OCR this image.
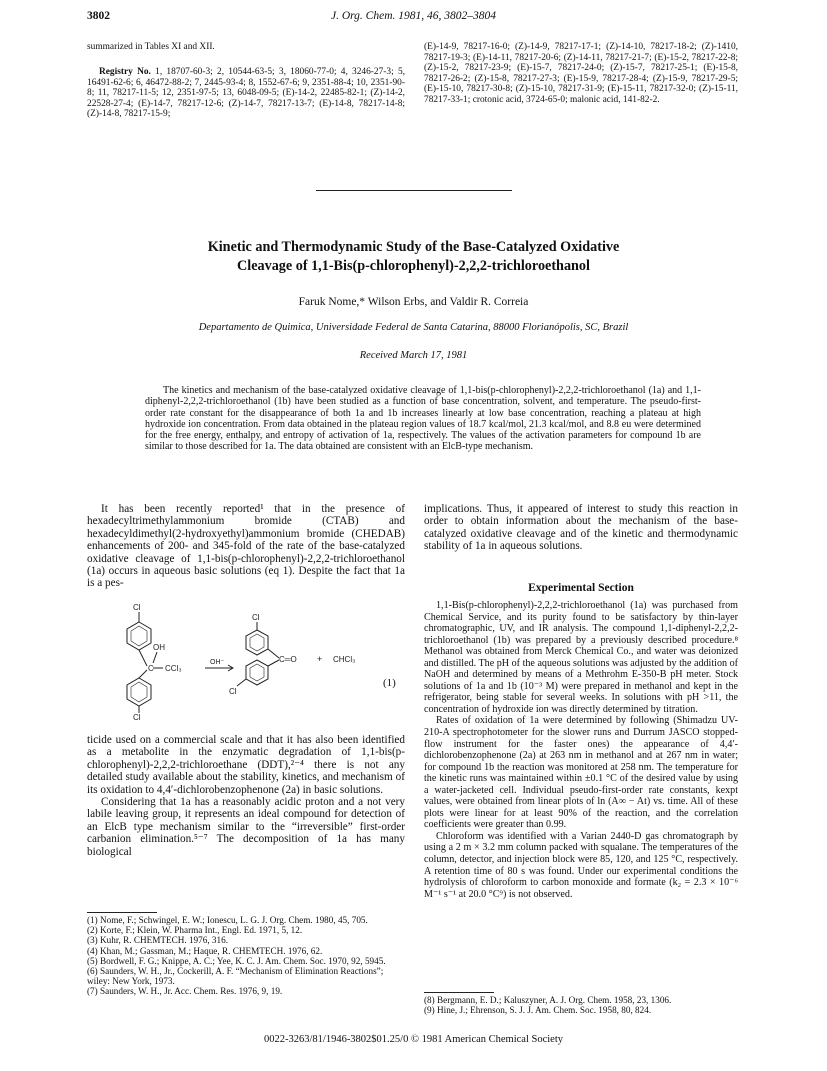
J. Org. Chem. 1981, 46, 3802–3804
3802
summarized in Tables XI and XII.
Registry No. 1, 18707-60-3; 2, 10544-63-5; 3, 18060-77-0; 4, 3246-27-3; 5, 16491-62-6; 6, 46472-88-2; 7, 2445-93-4; 8, 1552-67-6; 9, 2351-88-4; 10, 2351-90-8; 11, 78217-11-5; 12, 2351-97-5; 13, 6048-09-5; (E)-14-2, 22485-82-1; (Z)-14-2, 22528-27-4; (E)-14-7, 78217-12-6; (Z)-14-7, 78217-13-7; (E)-14-8, 78217-14-8; (Z)-14-8, 78217-15-9;
(E)-14-9, 78217-16-0; (Z)-14-9, 78217-17-1; (Z)-14-10, 78217-18-2; (Z)-1410, 78217-19-3; (E)-14-11, 78217-20-6; (Z)-14-11, 78217-21-7; (E)-15-2, 78217-22-8; (Z)-15-2, 78217-23-9; (E)-15-7, 78217-24-0; (Z)-15-7, 78217-25-1; (E)-15-8, 78217-26-2; (Z)-15-8, 78217-27-3; (E)-15-9, 78217-28-4; (Z)-15-9, 78217-29-5; (E)-15-10, 78217-30-8; (Z)-15-10, 78217-31-9; (E)-15-11, 78217-32-0; (Z)-15-11, 78217-33-1; crotonic acid, 3724-65-0; malonic acid, 141-82-2.
Kinetic and Thermodynamic Study of the Base-Catalyzed Oxidative
Cleavage of 1,1-Bis(p-chlorophenyl)-2,2,2-trichloroethanol
Faruk Nome,* Wilson Erbs, and Valdir R. Correia
Departamento de Quimica, Universidade Federal de Santa Catarina, 88000 Florianópolis, SC, Brazil
Received March 17, 1981
The kinetics and mechanism of the base-catalyzed oxidative cleavage of 1,1-bis(p-chlorophenyl)-2,2,2-trichloroethanol (1a) and 1,1-diphenyl-2,2,2-trichloroethanol (1b) have been studied as a function of base concentration, solvent, and temperature. The pseudo-first-order rate constant for the disappearance of both 1a and 1b increases linearly at low base concentration, reaching a plateau at high hydroxide ion concentration. From data obtained in the plateau region values of 18.7 kcal/mol, 21.3 kcal/mol, and 8.8 eu were determined for the free energy, enthalpy, and entropy of activation of 1a, respectively. The values of the activation parameters for compound 1b are similar to those described for 1a. The data obtained are consistent with an ElcB-type mechanism.

It has been recently reported¹ that in the presence of hexadecyltrimethylammonium bromide (CTAB) and hexadecyldimethyl(2-hydroxyethyl)ammonium bromide (CHEDAB) enhancements of 200- and 345-fold of the rate of the base-catalyzed oxidative cleavage of 1,1-bis(p-chlorophenyl)-2,2,2-trichloroethanol (1a) occurs in aqueous basic solutions (eq 1). Despite the fact that 1a is a pes-

Cl
OH
C CCl₃
OH⁻
Cl
Cl
C═O + CHCl₃
Cl
(1)

ticide used on a commercial scale and that it has also been identified as a metabolite in the enzymatic degradation of 1,1-bis(p-chlorophenyl)-2,2,2-trichloroethane (DDT),²⁻⁴ there is not any detailed study available about the stability, kinetics, and mechanism of its oxidation to 4,4′-dichlorobenzophenone (2a) in basic solutions.

Considering that 1a has a reasonably acidic proton and a not very labile leaving group, it represents an ideal compound for detection of an ElcB type mechanism similar to the “irreversible” first-order carbanion elimination.⁵⁻⁷ The decomposition of 1a has many biological

(1) Nome, F.; Schwingel, E. W.; Ionescu, L. G. J. Org. Chem. 1980, 45, 705.
(2) Korte, F.; Klein, W. Pharma Int., Engl. Ed. 1971, 5, 12.
(3) Kuhr, R. CHEMTECH. 1976, 316.
(4) Khan, M.; Gassman, M.; Haque, R. CHEMTECH. 1976, 62.
(5) Bordwell, F. G.; Knippe, A. C.; Yee, K. C. J. Am. Chem. Soc. 1970, 92, 5945.
(6) Saunders, W. H., Jr., Cockerill, A. F. “Mechanism of Elimination Reactions”; wiley: New York, 1973.
(7) Saunders, W. H., Jr. Acc. Chem. Res. 1976, 9, 19.

implications. Thus, it appeared of interest to study this reaction in order to obtain information about the mechanism of the base-catalyzed oxidative cleavage and of the kinetic and thermodynamic stability of 1a in aqueous solutions.

Experimental Section

1,1-Bis(p-chlorophenyl)-2,2,2-trichloroethanol (1a) was purchased from Chemical Service, and its purity found to be satisfactory by thin-layer chromatographic, UV, and IR analysis. The compound 1,1-diphenyl-2,2,2-trichloroethanol (1b) was prepared by a previously described procedure.⁸ Methanol was obtained from Merck Chemical Co., and water was deionized and distilled. The pH of the aqueous solutions was adjusted by the addition of NaOH and determined by means of a Methrohm E-350-B pH meter. Stock solutions of 1a and 1b (10⁻³ M) were prepared in methanol and kept in the refrigerator, being stable for several weeks. In solutions with pH >11, the concentration of hydroxide ion was directly determined by titration.

Rates of oxidation of 1a were determined by following (Shimadzu UV-210-A spectrophotometer for the slower runs and Durrum JASCO stopped-flow instrument for the faster ones) the appearance of 4,4′-dichlorobenzophenone (2a) at 263 nm in methanol and at 267 nm in water; for compound 1b the reaction was monitored at 258 nm. The temperature for the kinetic runs was maintained within ±0.1 °C of the desired value by using a water-jacketed cell. Individual pseudo-first-order rate constants, kexpt values, were obtained from linear plots of ln (A∞ − At) vs. time. All of these plots were linear for at least 90% of the reaction, and the correlation coefficients were greater than 0.99.

Chloroform was identified with a Varian 2440-D gas chromatograph by using a 2 m × 3.2 mm column packed with squalane. The temperatures of the column, detector, and injection block were 85, 120, and 125 °C, respectively. A retention time of 80 s was found. Under our experimental conditions the hydrolysis of chloroform to carbon monoxide and formate (k₂ = 2.3 × 10⁻⁶ M⁻¹ s⁻¹ at 20.0 °C⁹) is not observed.

(8) Bergmann, E. D.; Kaluszyner, A. J. Org. Chem. 1958, 23, 1306.
(9) Hine, J.; Ehrenson, S. J. J. Am. Chem. Soc. 1958, 80, 824.
0022-3263/81/1946-3802$01.25/0 © 1981 American Chemical Society
